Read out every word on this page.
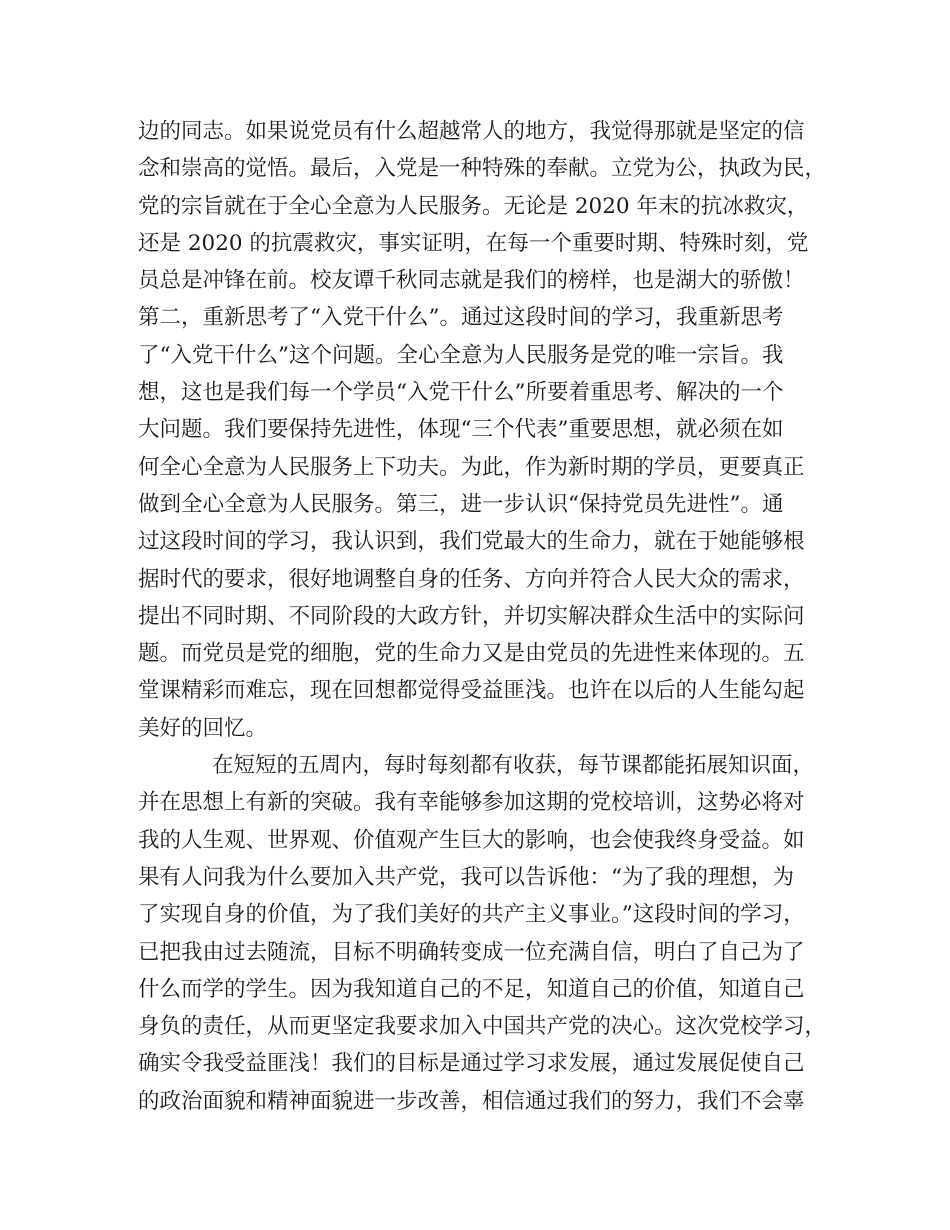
边的同志。如果说党员有什么超越常人的地方，我觉得那就是坚定的信
念和崇高的觉悟。最后，入党是一种特殊的奉献。立党为公，执政为民，
党的宗旨就在于全心全意为人民服务。无论是 2020 年末的抗冰救灾，
还是 2020 的抗震救灾，事实证明，在每一个重要时期、特殊时刻，党
员总是冲锋在前。校友谭千秋同志就是我们的榜样，也是湖大的骄傲！
第二，重新思考了“入党干什么”。通过这段时间的学习，我重新思考
了“入党干什么”这个问题。全心全意为人民服务是党的唯一宗旨。我
想，这也是我们每一个学员“入党干什么”所要着重思考、解决的一个
大问题。我们要保持先进性，体现“三个代表”重要思想，就必须在如
何全心全意为人民服务上下功夫。为此，作为新时期的学员，更要真正
做到全心全意为人民服务。第三，进一步认识“保持党员先进性”。通
过这段时间的学习，我认识到，我们党最大的生命力，就在于她能够根
据时代的要求，很好地调整自身的任务、方向并符合人民大众的需求，
提出不同时期、不同阶段的大政方针，并切实解决群众生活中的实际问
题。而党员是党的细胞，党的生命力又是由党员的先进性来体现的。五
堂课精彩而难忘，现在回想都觉得受益匪浅。也许在以后的人生能勾起
美好的回忆。
在短短的五周内，每时每刻都有收获，每节课都能拓展知识面，
并在思想上有新的突破。我有幸能够参加这期的党校培训，这势必将对
我的人生观、世界观、价值观产生巨大的影响，也会使我终身受益。如
果有人问我为什么要加入共产党，我可以告诉他：“为了我的理想，为
了实现自身的价值，为了我们美好的共产主义事业。”这段时间的学习，
已把我由过去随流，目标不明确转变成一位充满自信，明白了自己为了
什么而学的学生。因为我知道自己的不足，知道自己的价值，知道自己
身负的责任，从而更坚定我要求加入中国共产党的决心。这次党校学习，
确实令我受益匪浅！我们的目标是通过学习求发展，通过发展促使自己
的政治面貌和精神面貌进一步改善，相信通过我们的努力，我们不会辜
